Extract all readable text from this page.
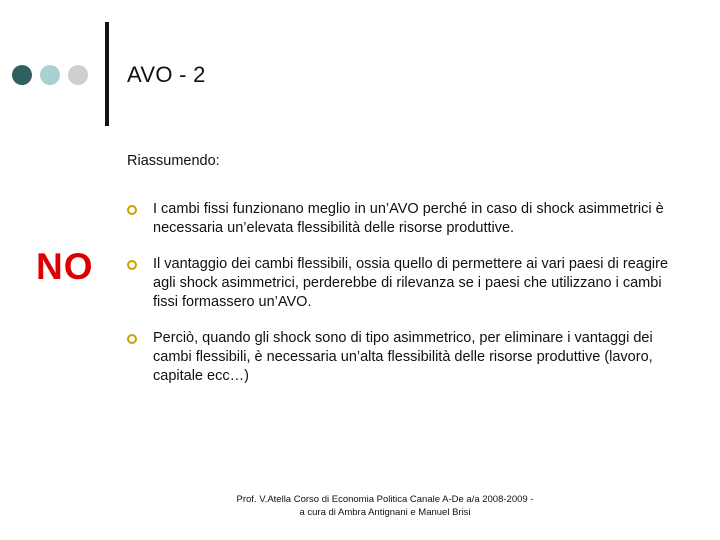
AVO - 2
Riassumendo:
NO
I cambi fissi funzionano meglio in un’AVO perché in caso di shock asimmetrici è necessaria un’elevata flessibilità delle risorse produttive.
Il vantaggio dei cambi flessibili, ossia quello di permettere ai vari paesi di reagire agli shock asimmetrici, perderebbe di rilevanza se i paesi che utilizzano i cambi fissi formassero un’AVO.
Perciò, quando gli shock sono di tipo asimmetrico, per eliminare i vantaggi dei cambi flessibili, è necessaria un’alta flessibilità delle risorse produttive (lavoro, capitale ecc…)
Prof. V.Atella Corso di Economia Politica Canale A-De a/a 2008-2009 -
a cura di Ambra Antignani e Manuel Brisi
